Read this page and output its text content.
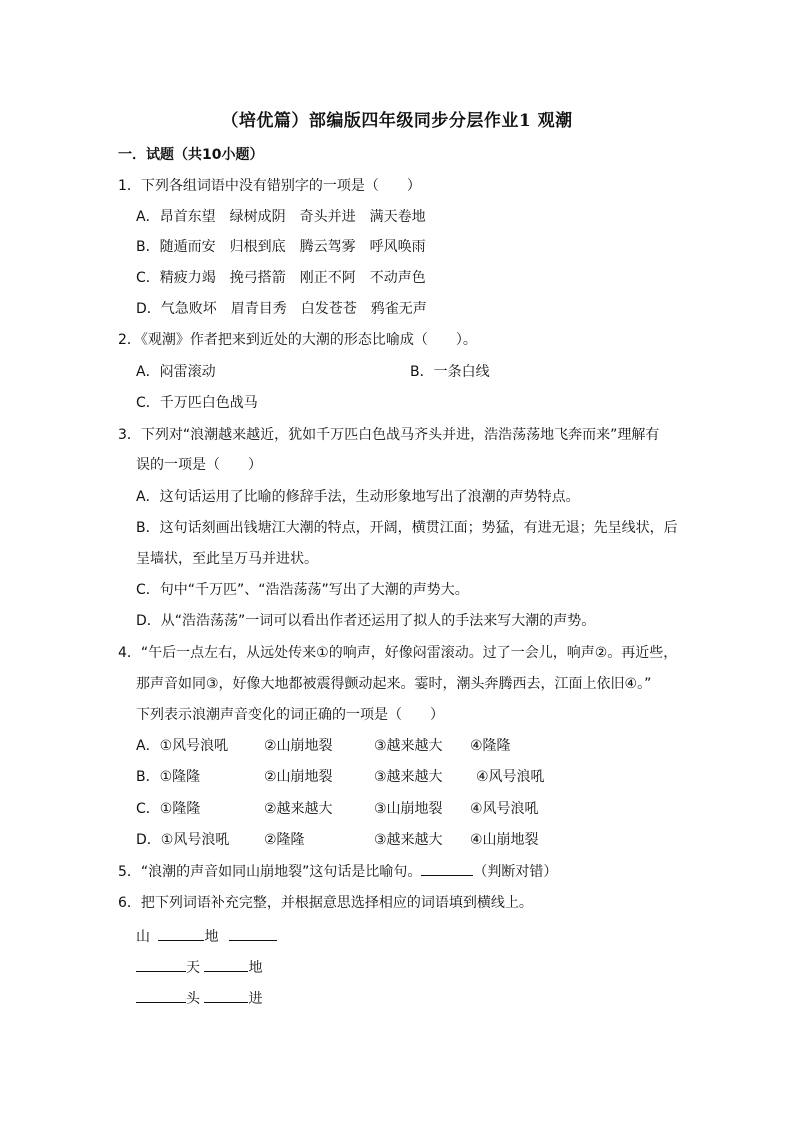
（培优篇）部编版四年级同步分层作业1 观潮
一．试题（共10小题）
1．下列各组词语中没有错别字的一项是（　　）
A．昂首东望　绿树成阴　奇头并进　满天卷地
B．随遁而安　归根到底　腾云驾雾　呼风唤雨
C．精疲力竭　挽弓搭箭　刚正不阿　不动声色
D．气急败坏　眉青目秀　白发苍苍　鸦雀无声
2．《观潮》作者把来到近处的大潮的形态比喻成（　　）。
A．闷雷滚动	B．一条白线
C．千万匹白色战马
3．下列对“浪潮越来越近，犹如千万匹白色战马齐头并进，浩浩荡荡地飞奔而来”理解有
误的一项是（　　）
A．这句话运用了比喻的修辞手法，生动形象地写出了浪潮的声势特点。
B．这句话刻画出钱塘江大潮的特点，开阔，横贯江面；势猛，有进无退；先呈线状，后
呈墙状，至此呈万马并进状。
C．句中“千万匹”、“浩浩荡荡”写出了大潮的声势大。
D．从“浩浩荡荡”一词可以看出作者还运用了拟人的手法来写大潮的声势。
4．“午后一点左右，从远处传来①的响声，好像闷雷滚动。过了一会儿，响声②。再近些，
那声音如同③，好像大地都被震得颤动起来。霎时，潮头奔腾西去，江面上依旧④。”
下列表示浪潮声音变化的词正确的一项是（　　）
A．①风号浪吼	②山崩地裂	③越来越大 ④隆隆
B．①隆隆	②山崩地裂	③越来越大 ④风号浪吼
C．①隆隆	②越来越大	③山崩地裂 ④风号浪吼
D．①风号浪吼 ②隆隆	③越来越大 ④山崩地裂
5．“浪潮的声音如同山崩地裂”这句话是比喻句。	（判断对错）
6．把下列词语补充完整，并根据意思选择相应的词语填到横线上。
山	地
天	地
头	进
